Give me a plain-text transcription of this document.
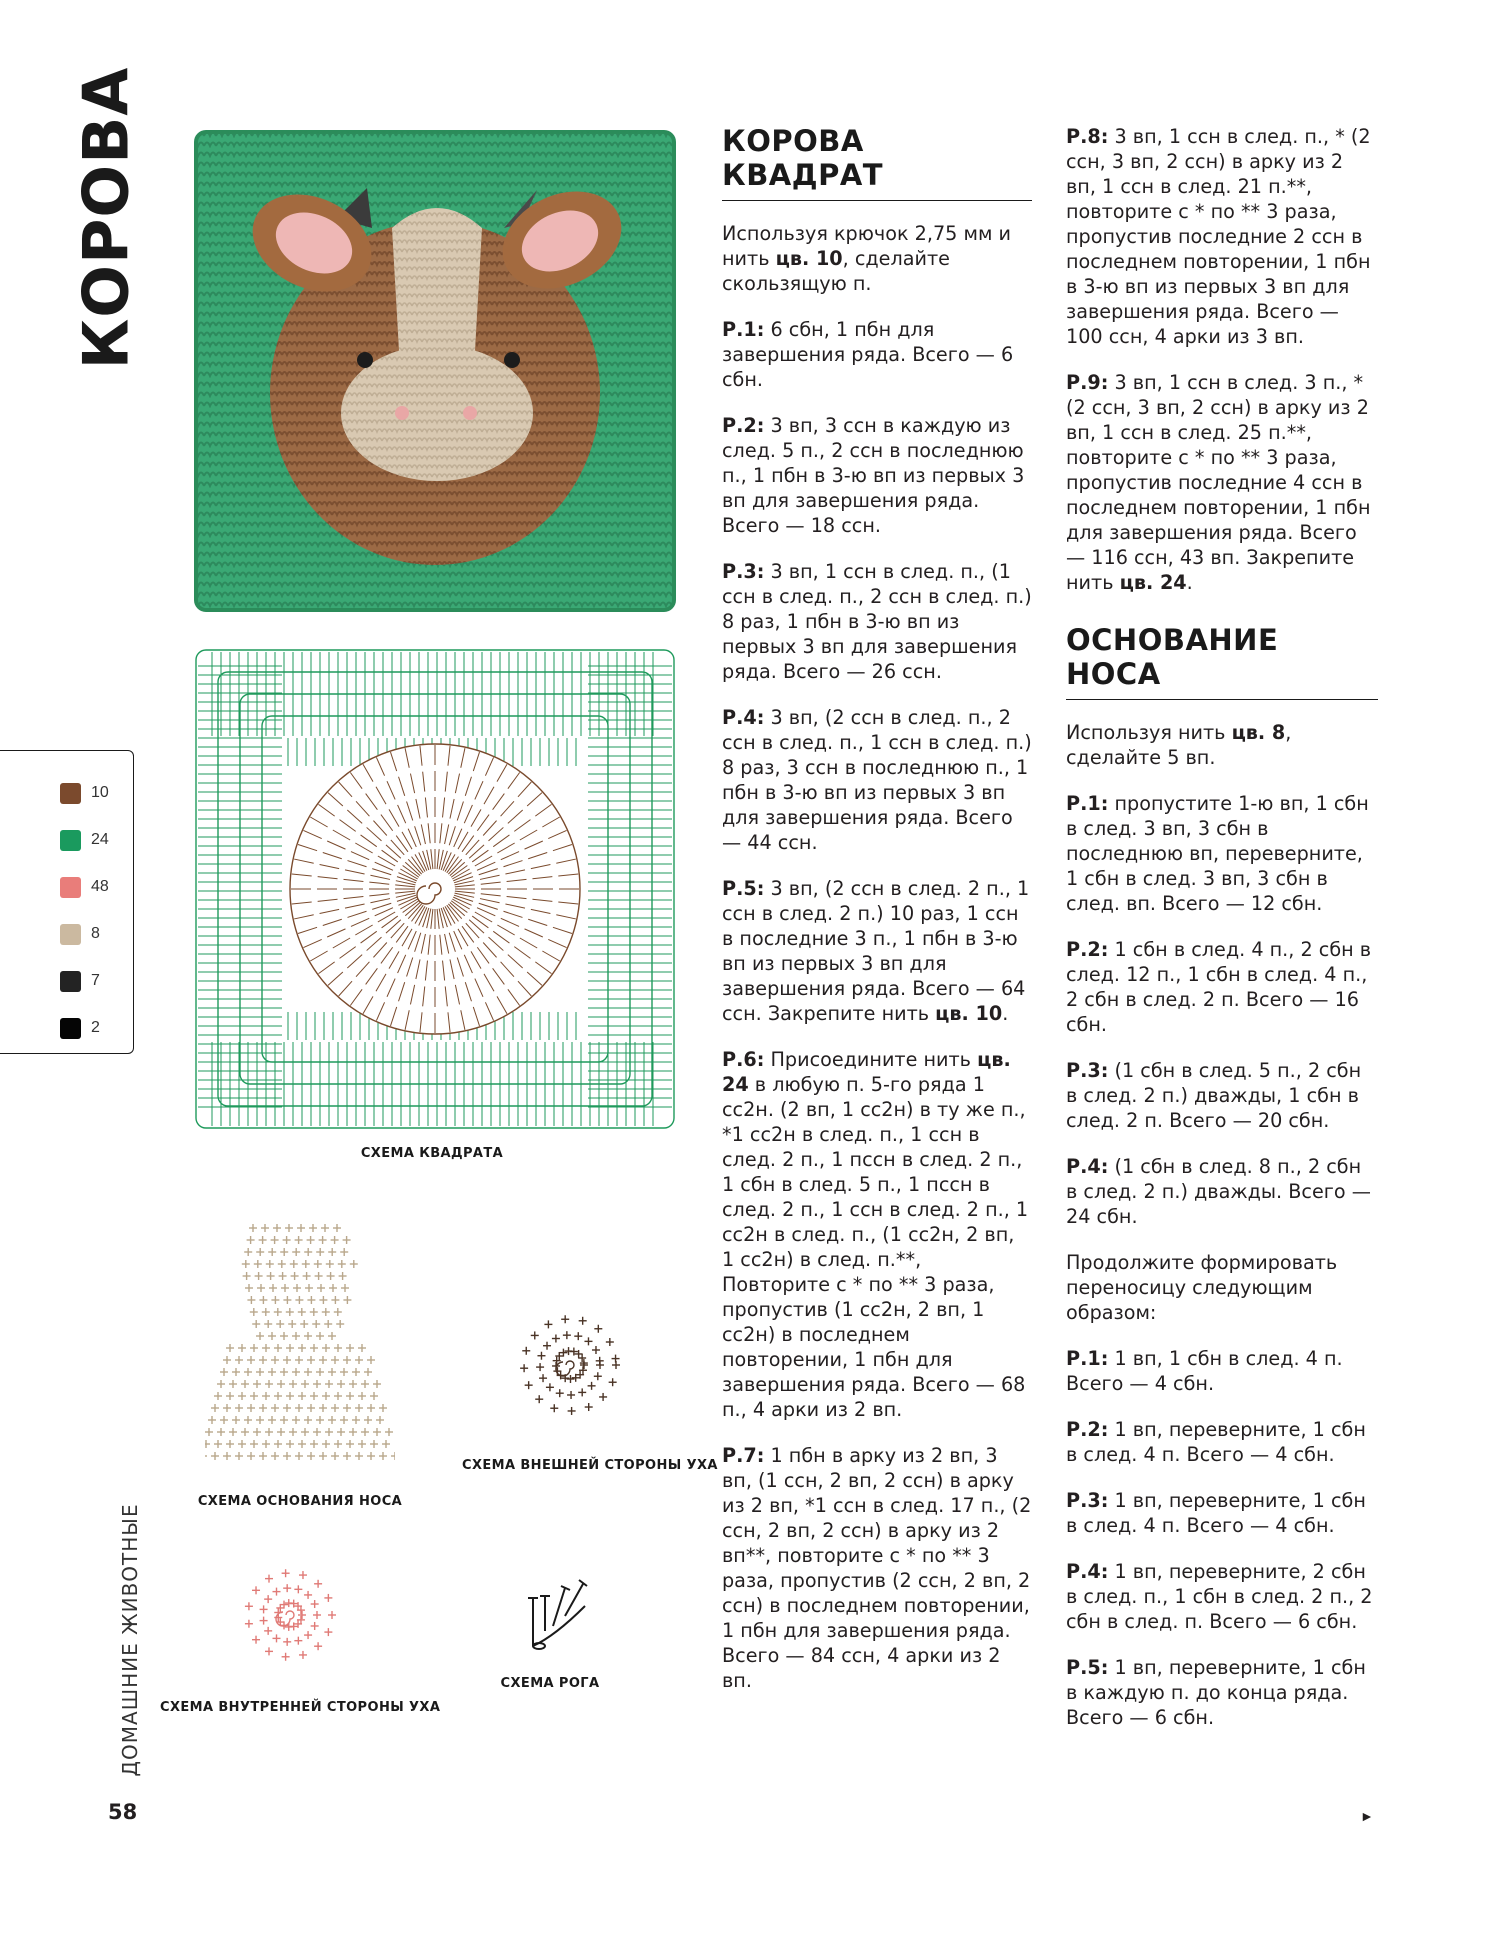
КОРОВА
10
24
48
8
7
2
СХЕМА КВАДРАТА
СХЕМА ОСНОВАНИЯ НОСА
СХЕМА ВНЕШНЕЙ СТОРОНЫ УХА
СХЕМА ВНУТРЕННЕЙ СТОРОНЫ УХА
СХЕМА РОГА
КОРОВА КВАДРАТ

Используя крючок 2,75 мм и нить цв. 10, сделайте скользящую п.

Р.1: 6 сбн, 1 пбн для завершения ряда. Всего — 6 сбн.

Р.2: 3 вп, 3 ссн в каждую из след. 5 п., 2 ссн в последнюю п., 1 пбн в 3-ю вп из первых 3 вп для завершения ряда. Всего — 18 ссн.

Р.3: 3 вп, 1 ссн в след. п., (1 ссн в след. п., 2 ссн в след. п.) 8 раз, 1 пбн в 3-ю вп из первых 3 вп для завершения ряда. Всего — 26 ссн.

Р.4: 3 вп, (2 ссн в след. п., 2 ссн в след. п., 1 ссн в след. п.) 8 раз, 3 ссн в последнюю п., 1 пбн в 3-ю вп из первых 3 вп для завершения ряда. Всего — 44 ссн.

Р.5: 3 вп, (2 ссн в след. 2 п., 1 ссн в след. 2 п.) 10 раз, 1 ссн в последние 3 п., 1 пбн в 3-ю вп из первых 3 вп для завершения ряда. Всего — 64 ссн. Закрепите нить цв. 10.

Р.6: Присоедините нить цв. 24 в любую п. 5-го ряда 1 сс2н. (2 вп, 1 сс2н) в ту же п., *1 сс2н в след. п., 1 ссн в след. 2 п., 1 пссн в след. 2 п., 1 сбн в след. 5 п., 1 пссн в след. 2 п., 1 ссн в след. 2 п., 1 сс2н в след. п., (1 сс2н, 2 вп, 1 сс2н) в след. п.**, Повторите с * по ** 3 раза, пропустив (1 сс2н, 2 вп, 1 сс2н) в последнем повторении, 1 пбн для завершения ряда. Всего — 68 п., 4 арки из 2 вп.

Р.7: 1 пбн в арку из 2 вп, 3 вп, (1 ссн, 2 вп, 2 ссн) в арку из 2 вп, *1 ссн в след. 17 п., (2 ссн, 2 вп, 2 ссн) в арку из 2 вп**, повторите с * по ** 3 раза, пропустив (2 ссн, 2 вп, 2 ссн) в последнем повторении, 1 пбн для завершения ряда. Всего — 84 ссн, 4 арки из 2 вп.

Р.8: 3 вп, 1 ссн в след. п., * (2 ссн, 3 вп, 2 ссн) в арку из 2 вп, 1 ссн в след. 21 п.**, повторите с * по ** 3 раза, пропустив последние 2 ссн в последнем повторении, 1 пбн в 3-ю вп из первых 3 вп для завершения ряда. Всего — 100 ссн, 4 арки из 3 вп.

Р.9: 3 вп, 1 ссн в след. 3 п., *(2 ссн, 3 вп, 2 ссн) в арку из 2 вп, 1 ссн в след. 25 п.**, повторите с * по ** 3 раза, пропустив последние 4 ссн в последнем повторении, 1 пбн для завершения ряда. Всего — 116 ссн, 43 вп. Закрепите нить цв. 24.

ОСНОВАНИЕ НОСА

Используя нить цв. 8, сделайте 5 вп.

Р.1: пропустите 1-ю вп, 1 сбн в след. 3 вп, 3 сбн в последнюю вп, переверните, 1 сбн в след. 3 вп, 3 сбн в след. вп. Всего — 12 сбн.

Р.2: 1 сбн в след. 4 п., 2 сбн в след. 12 п., 1 сбн в след. 4 п., 2 сбн в след. 2 п. Всего — 16 сбн.

Р.3: (1 сбн в след. 5 п., 2 сбн в след. 2 п.) дважды, 1 сбн в след. 2 п. Всего — 20 сбн.

Р.4: (1 сбн в след. 8 п., 2 сбн в след. 2 п.) дважды. Всего — 24 сбн.

Продолжите формировать переносицу следующим образом:

Р.1: 1 вп, 1 сбн в след. 4 п. Всего — 4 сбн.

Р.2: 1 вп, переверните, 1 сбн в след. 4 п. Всего — 4 сбн.

Р.3: 1 вп, переверните, 1 сбн в след. 4 п. Всего — 4 сбн.

Р.4: 1 вп, переверните, 2 сбн в след. п., 1 сбн в след. 2 п., 2 сбн в след. п. Всего — 6 сбн.

Р.5: 1 вп, переверните, 1 сбн в каждую п. до конца ряда. Всего — 6 сбн.

ДОМАШНИЕ ЖИВОТНЫЕ
58	►
